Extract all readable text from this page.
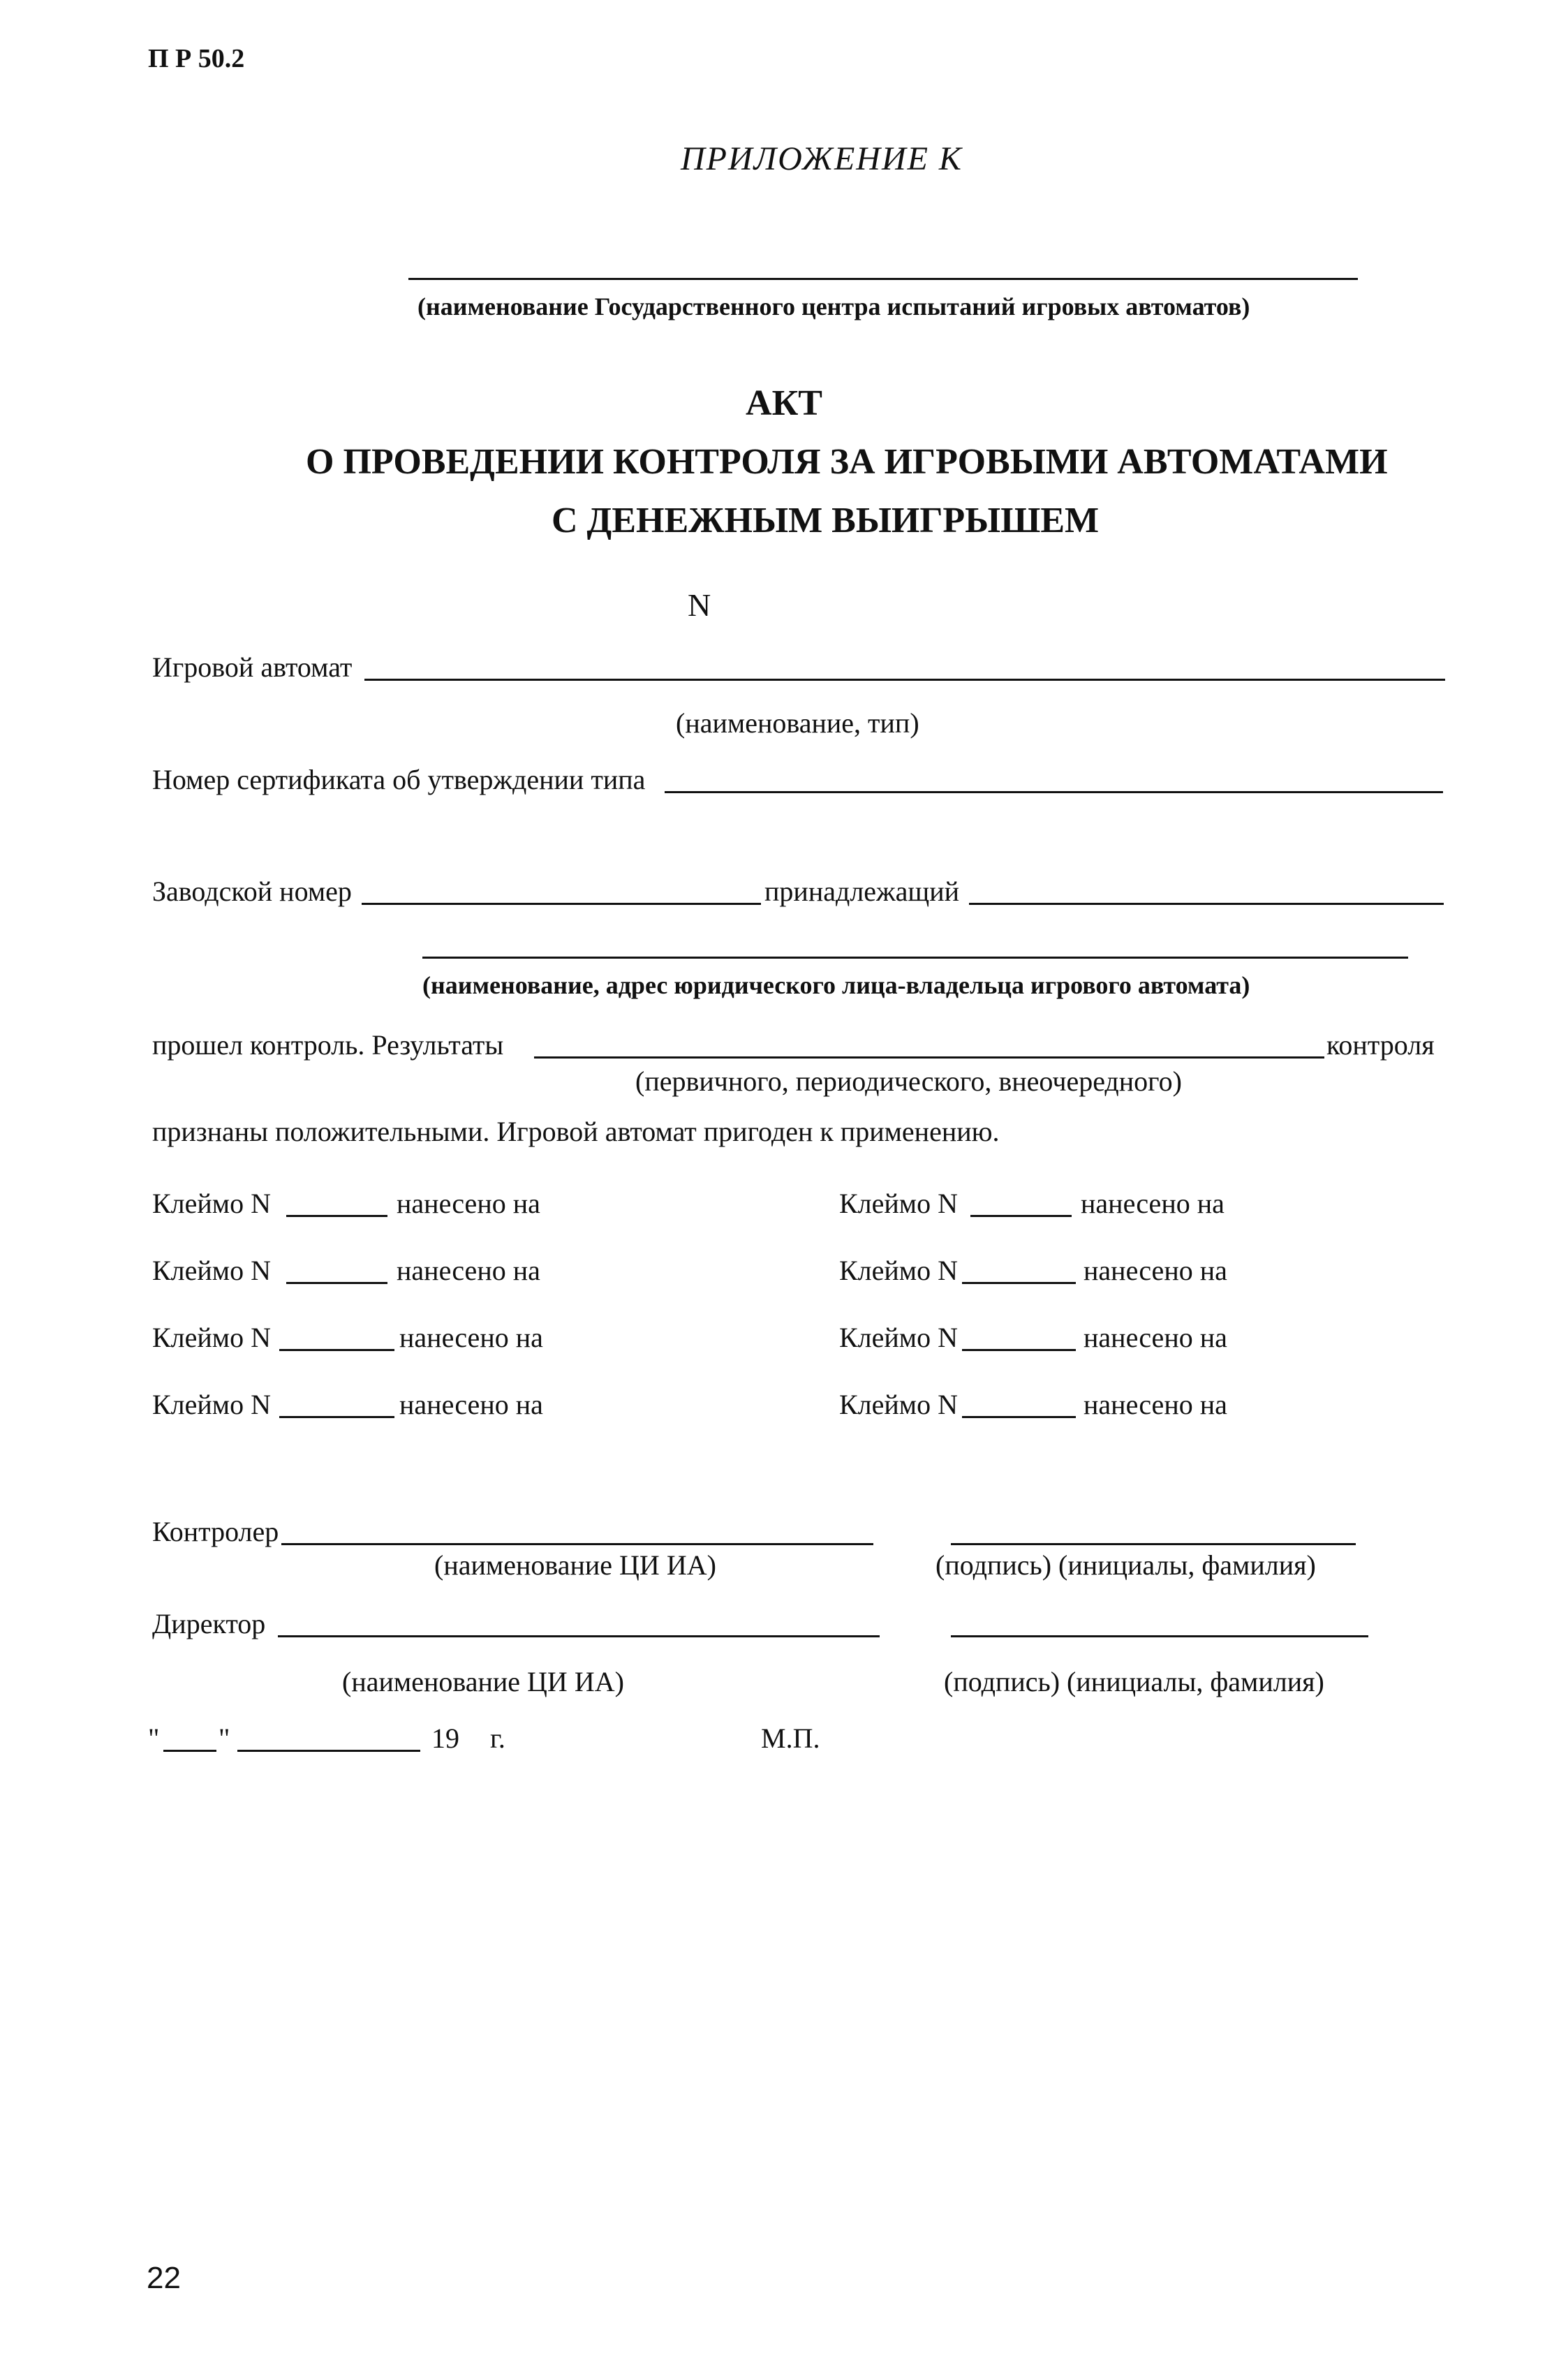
П Р 50.2
ПРИЛОЖЕНИЕ К
(наименование Государственного центра испытаний игровых автоматов)
АКТ
О ПРОВЕДЕНИИ КОНТРОЛЯ ЗА ИГРОВЫМИ АВТОМАТАМИ
С ДЕНЕЖНЫМ ВЫИГРЫШЕМ
N
Игровой автомат
(наименование, тип)
Номер сертификата об утверждении типа
Заводской номер	принадлежащий
(наименование, адрес юридического лица-владельца игрового автомата)
прошел контроль. Результаты	контроля
(первичного, периодического, внеочередного)
признаны положительными. Игровой автомат пригоден к применению.
Клеймо N	нанесено на
Клеймо N	нанесено на
Клеймо N	нанесено на
Клеймо N	нанесено на
Клеймо N	нанесено на
Клеймо N	нанесено на
Клеймо N	нанесено на
Клеймо N	нанесено на
Контролер
(наименование ЦИ ИА)	(подпись) (инициалы, фамилия)
Директор
(наименование ЦИ ИА)	(подпись) (инициалы, фамилия)
" "	19 г.	М.П.
22
